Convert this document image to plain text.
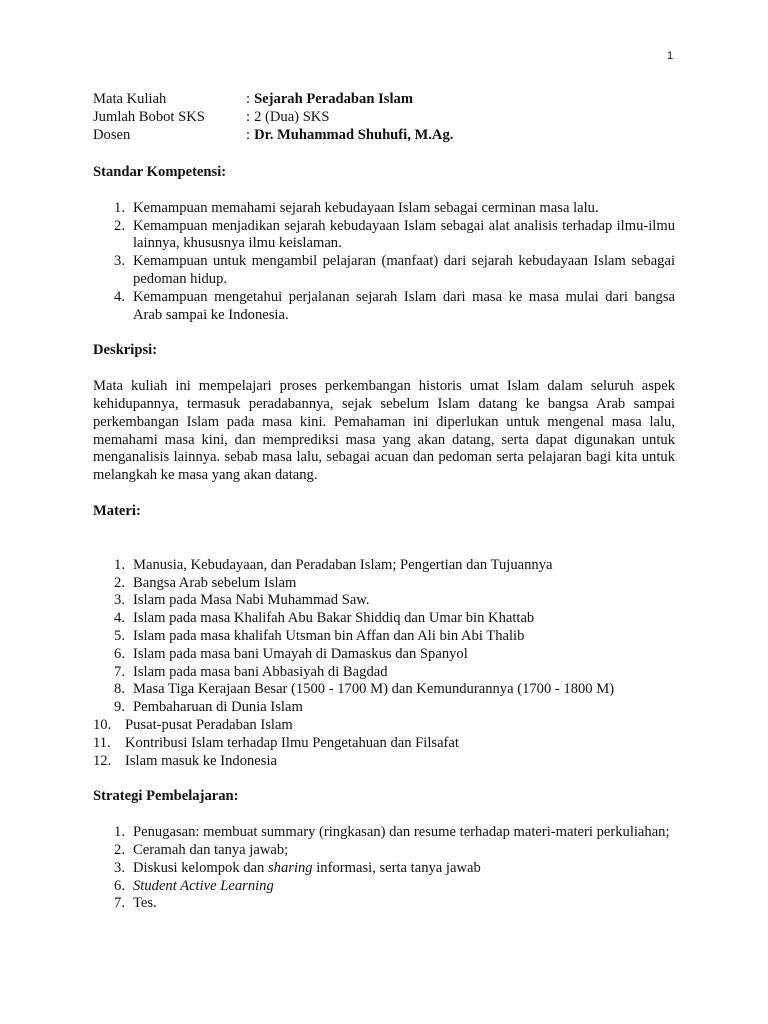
1
Mata Kuliah	: Sejarah Peradaban Islam
Jumlah Bobot SKS	: 2 (Dua) SKS
Dosen	: Dr. Muhammad Shuhufi, M.Ag.
Standar Kompetensi:
1. Kemampuan memahami sejarah kebudayaan Islam sebagai cerminan masa lalu.
2. Kemampuan menjadikan sejarah kebudayaan Islam sebagai alat analisis terhadap ilmu-ilmu lainnya, khususnya ilmu keislaman.
3. Kemampuan untuk mengambil pelajaran (manfaat) dari sejarah kebudayaan Islam sebagai pedoman hidup.
4. Kemampuan mengetahui perjalanan sejarah Islam dari masa ke masa mulai dari bangsa Arab sampai ke Indonesia.
Deskripsi:
Mata kuliah ini mempelajari proses perkembangan historis umat Islam dalam seluruh aspek kehidupannya, termasuk peradabannya, sejak sebelum Islam datang ke bangsa Arab sampai perkembangan Islam pada masa kini. Pemahaman ini diperlukan untuk mengenal masa lalu, memahami masa kini, dan memprediksi masa yang akan datang, serta dapat digunakan untuk menganalisis lainnya. sebab masa lalu, sebagai acuan dan pedoman serta pelajaran bagi kita untuk melangkah ke masa yang akan datang.
Materi:
1. Manusia, Kebudayaan, dan Peradaban Islam; Pengertian dan Tujuannya
2. Bangsa Arab sebelum Islam
3. Islam pada Masa Nabi Muhammad Saw.
4. Islam pada masa Khalifah Abu Bakar Shiddiq dan Umar bin Khattab
5. Islam pada masa khalifah Utsman bin Affan dan Ali bin Abi Thalib
6. Islam pada masa bani Umayah di Damaskus dan Spanyol
7. Islam pada masa bani Abbasiyah di Bagdad
8. Masa Tiga Kerajaan Besar (1500 - 1700 M) dan Kemundurannya (1700 - 1800 M)
9. Pembaharuan di Dunia Islam
10. Pusat-pusat Peradaban Islam
11. Kontribusi Islam terhadap Ilmu Pengetahuan dan Filsafat
12. Islam masuk ke Indonesia
Strategi Pembelajaran:
1. Penugasan: membuat summary (ringkasan) dan resume terhadap materi-materi perkuliahan;
2. Ceramah dan tanya jawab;
3. Diskusi kelompok dan sharing informasi, serta tanya jawab
6. Student Active Learning
7. Tes.
